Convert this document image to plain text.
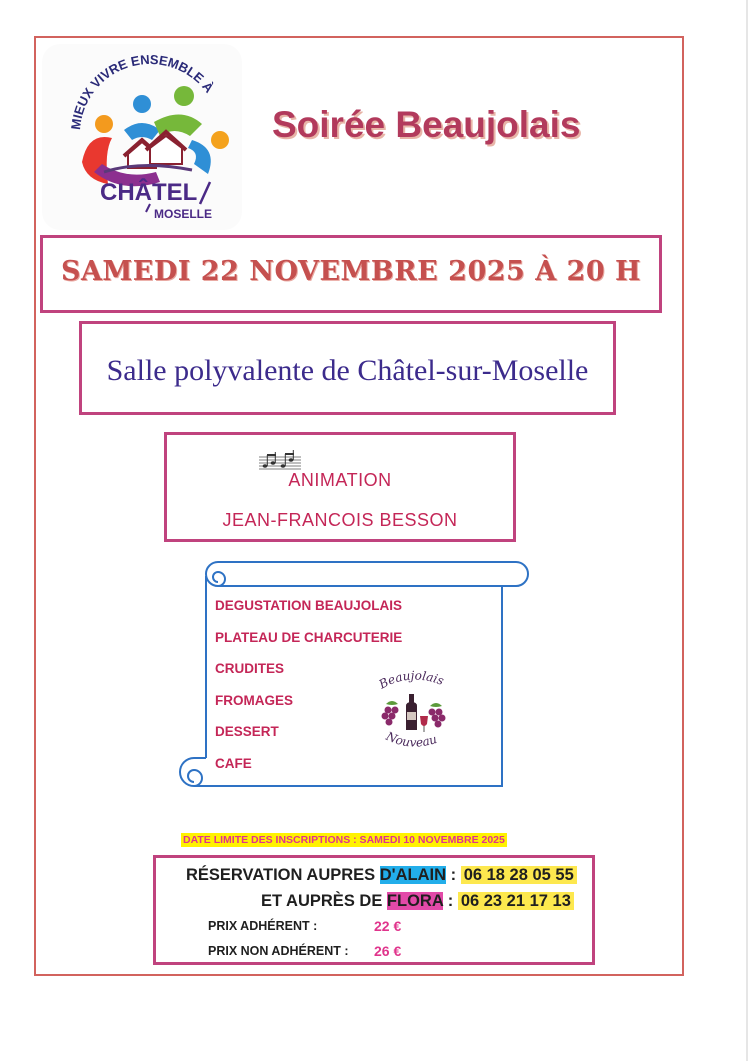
MIEUX VIVRE ENSEMBLE À
CHÂTEL
MOSELLE
Soirée Beaujolais
SAMEDI 22 NOVEMBRE 2025 À 20 H
Salle polyvalente de Châtel-sur-Moselle
ANIMATION
JEAN-FRANCOIS BESSON
DEGUSTATION BEAUJOLAIS
PLATEAU DE CHARCUTERIE
CRUDITES
FROMAGES
DESSERT
CAFE
Beaujolais
Nouveau
DATE LIMITE DES INSCRIPTIONS : SAMEDI 10 NOVEMBRE 2025
RÉSERVATION AUPRES D'ALAIN : 06 18 28 05 55
ET AUPRÈS DE FLORA : 06 23 21 17 13
PRIX ADHÉRENT :	22 €
PRIX NON ADHÉRENT : 26 €
